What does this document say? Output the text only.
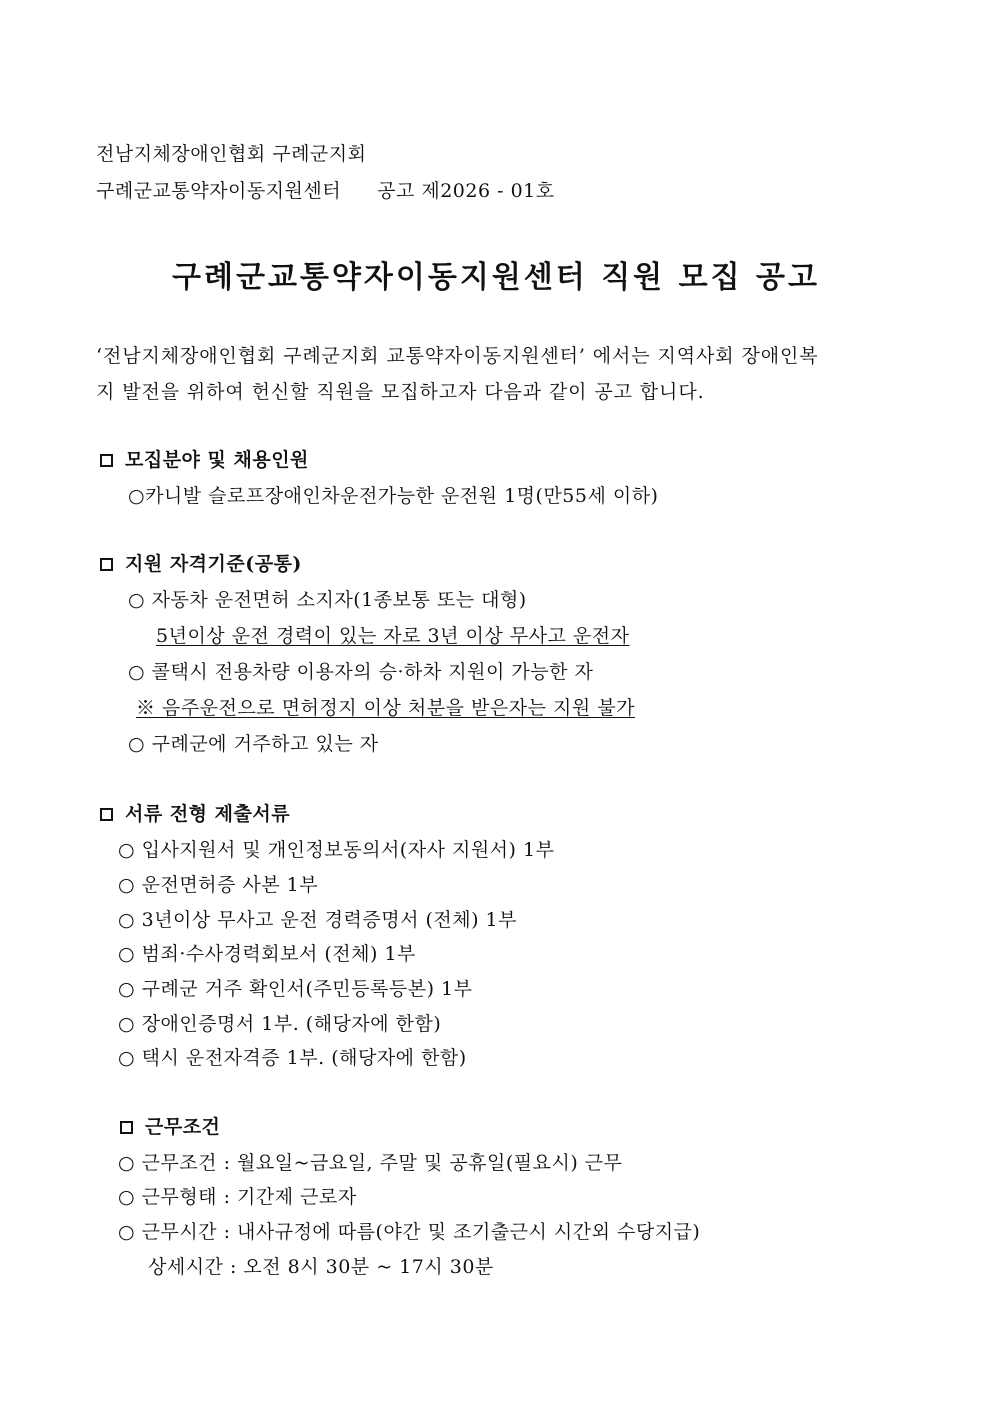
전남지체장애인협회 구례군지회
구례군교통약자이동지원센터 공고 제2026 - 01호
구례군교통약자이동지원센터 직원 모집 공고
‘전남지체장애인협회 구례군지회 교통약자이동지원센터’ 에서는 지역사회 장애인복
지 발전을 위하여 헌신할 직원을 모집하고자 다음과 같이 공고 합니다.
모집분야 및 채용인원
○카니발 슬로프장애인차운전가능한 운전원 1명(만55세 이하)
지원 자격기준(공통)
○ 자동차 운전면허 소지자(1종보통 또는 대형)
5년이상 운전 경력이 있는 자로 3년 이상 무사고 운전자
○ 콜택시 전용차량 이용자의 승·하차 지원이 가능한 자
※ 음주운전으로 면허정지 이상 처분을 받은자는 지원 불가
○ 구례군에 거주하고 있는 자
서류 전형 제출서류
○ 입사지원서 및 개인정보동의서(자사 지원서) 1부
○ 운전면허증 사본 1부
○ 3년이상 무사고 운전 경력증명서 (전체) 1부
○ 범죄·수사경력회보서 (전체) 1부
○ 구례군 거주 확인서(주민등록등본) 1부
○ 장애인증명서 1부. (해당자에 한함)
○ 택시 운전자격증 1부. (해당자에 한함)
근무조건
○ 근무조건 : 월요일~금요일, 주말 및 공휴일(필요시) 근무
○ 근무형태 : 기간제 근로자
○ 근무시간 : 내사규정에 따름(야간 및 조기출근시 시간외 수당지급)
상세시간 : 오전 8시 30분 ~ 17시 30분
